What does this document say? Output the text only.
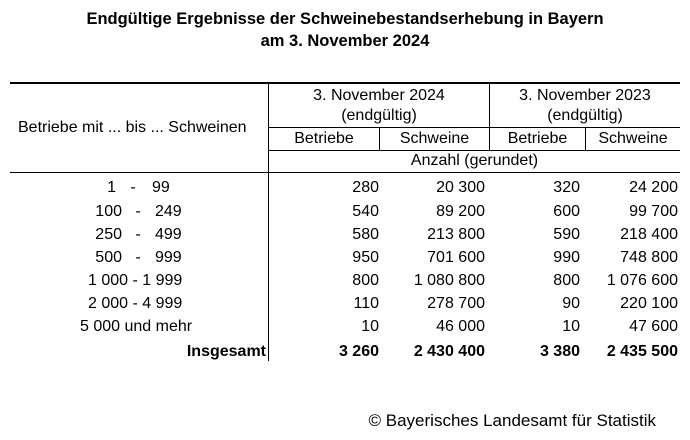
Endgültige Ergebnisse der Schweinebestandserhebung in Bayern
am 3. November 2024
Betriebe mit ... bis ... Schweinen
3. November 2024
(endgültig)
3. November 2023
(endgültig)
Betriebe	Schweine	Betriebe	Schweine
Anzahl (gerundet)
1 - 99	280	20 300	320	24 200
100 - 249	540	89 200	600	99 700
250 - 499	580	213 800	590	218 400
500 - 999	950	701 600	990	748 800
1 000 - 1 999	800	1 080 800	800	1 076 600
2 000 - 4 999	110	278 700	90	220 100
5 000 und mehr	10	46 000	10	47 600
Insgesamt	3 260	2 430 400	3 380	2 435 500
© Bayerisches Landesamt für Statistik
